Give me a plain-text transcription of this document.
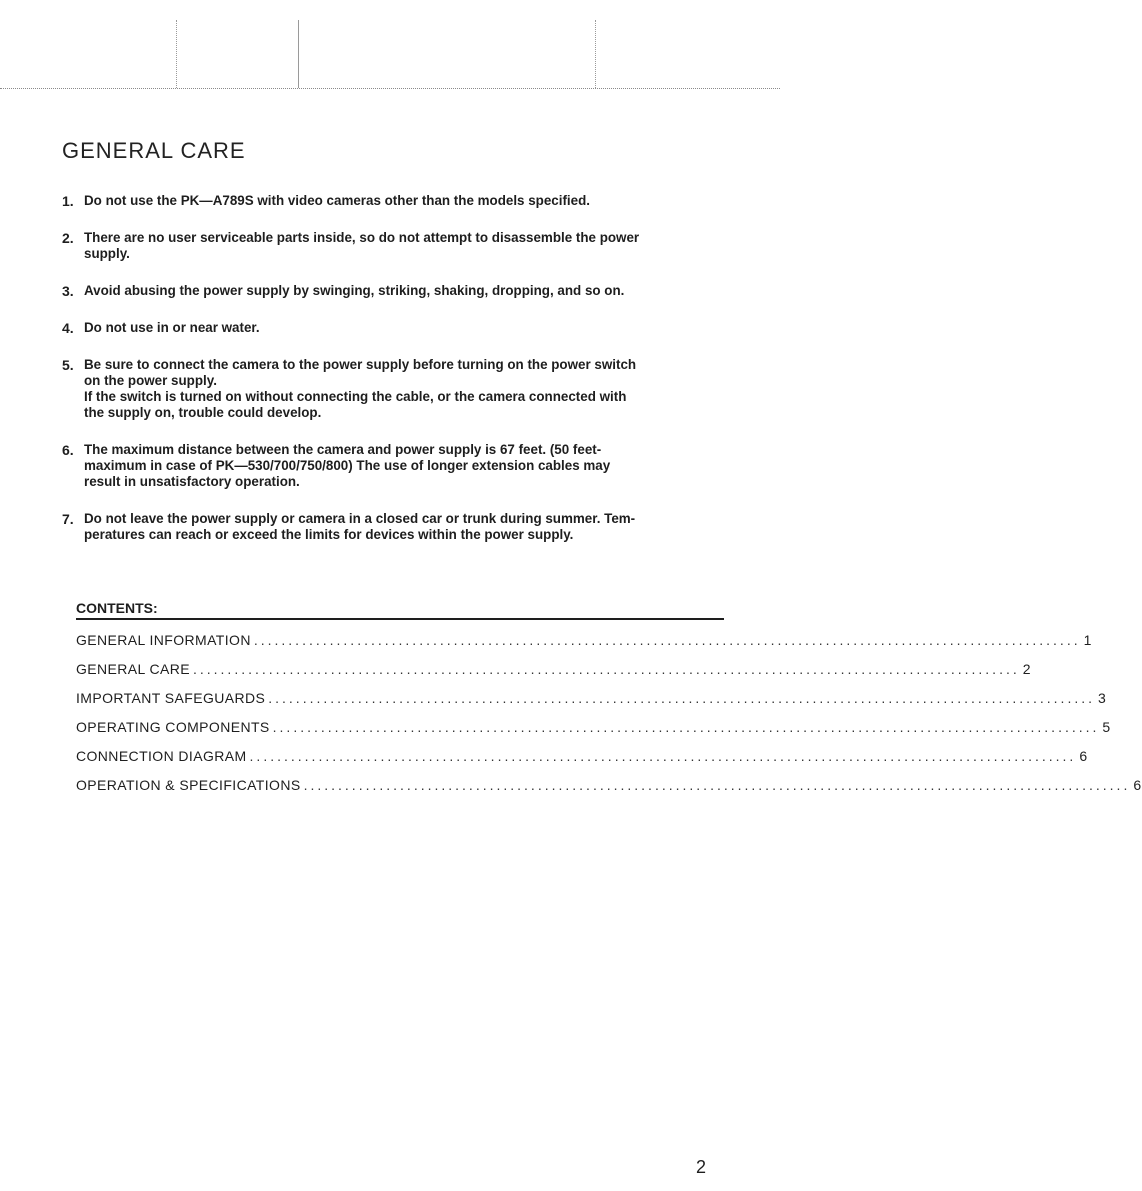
GENERAL CARE
1. Do not use the PK—A789S with video cameras other than the models specified.
2. There are no user serviceable parts inside, so do not attempt to disassemble the power
supply.
3. Avoid abusing the power supply by swinging, striking, shaking, dropping, and so on.
4. Do not use in or near water.
5. Be sure to connect the camera to the power supply before turning on the power switch
on the power supply.
If the switch is turned on without connecting the cable, or the camera connected with
the supply on, trouble could develop.
6. The maximum distance between the camera and power supply is 67 feet. (50 feet-
maximum in case of PK—530/700/750/800) The use of longer extension cables may
result in unsatisfactory operation.
7. Do not leave the power supply or camera in a closed car or trunk during summer. Tem-
peratures can reach or exceed the limits for devices within the power supply.
CONTENTS:
GENERAL INFORMATION ........................................................................................................................ 1
GENERAL CARE ........................................................................................................................ 2
IMPORTANT SAFEGUARDS ........................................................................................................................ 3
OPERATING COMPONENTS ........................................................................................................................ 5
CONNECTION DIAGRAM ........................................................................................................................ 6
OPERATION & SPECIFICATIONS ........................................................................................................................ 6
2
